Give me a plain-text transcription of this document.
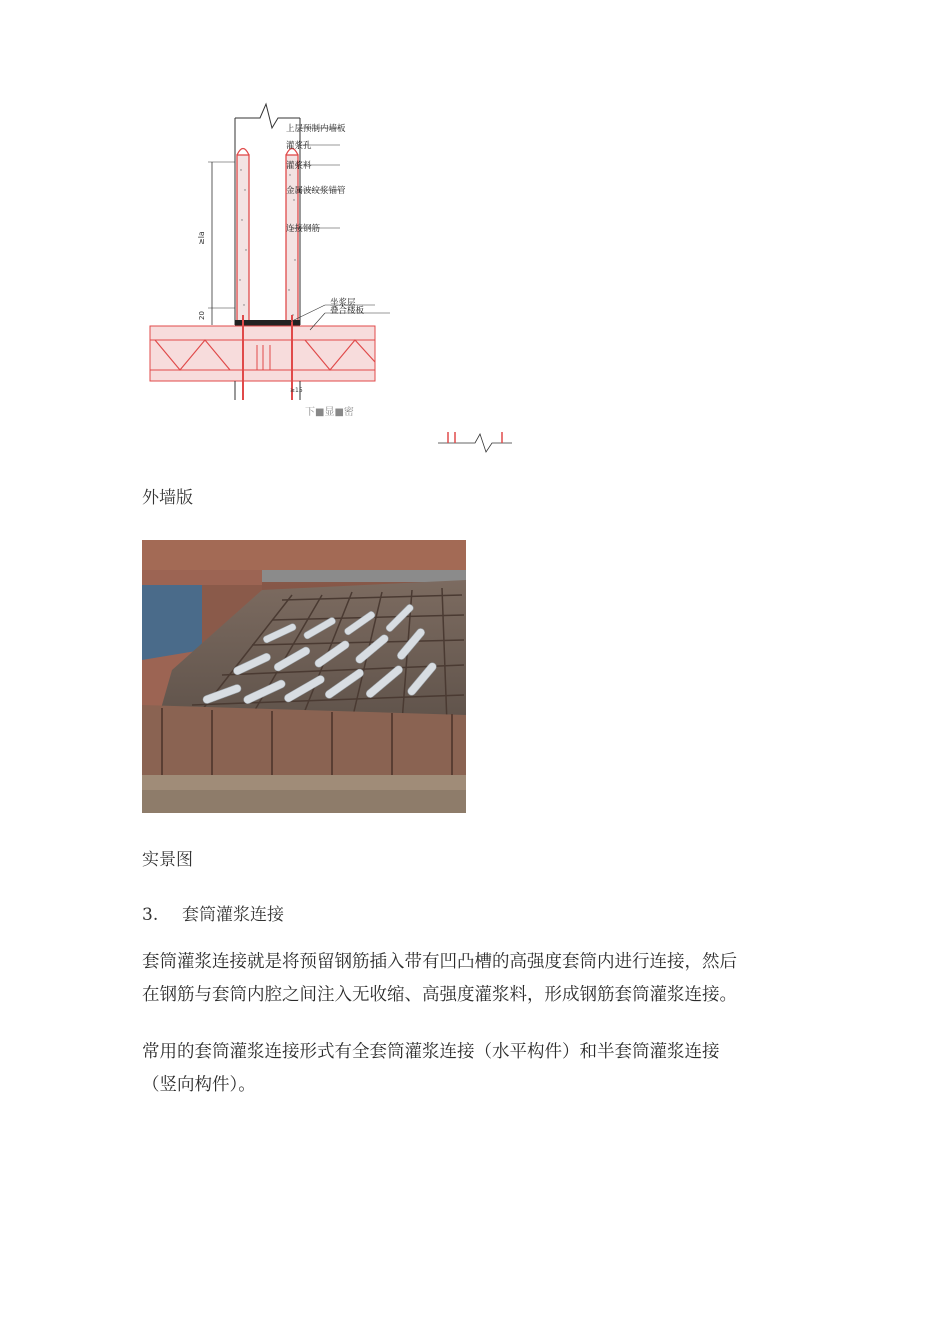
≥la
20
≥15
上层预制内墙板
灌浆孔
灌浆料
金属波纹浆锚管
连接钢筋
坐浆层
叠合楼板
下■显■密
外墙版
实景图
3. 套筒灌浆连接
套筒灌浆连接就是将预留钢筋插入带有凹凸槽的高强度套筒内进行连接，然后
在钢筋与套筒内腔之间注入无收缩、高强度灌浆料，形成钢筋套筒灌浆连接。
常用的套筒灌浆连接形式有全套筒灌浆连接（水平构件）和半套筒灌浆连接
（竖向构件）。
